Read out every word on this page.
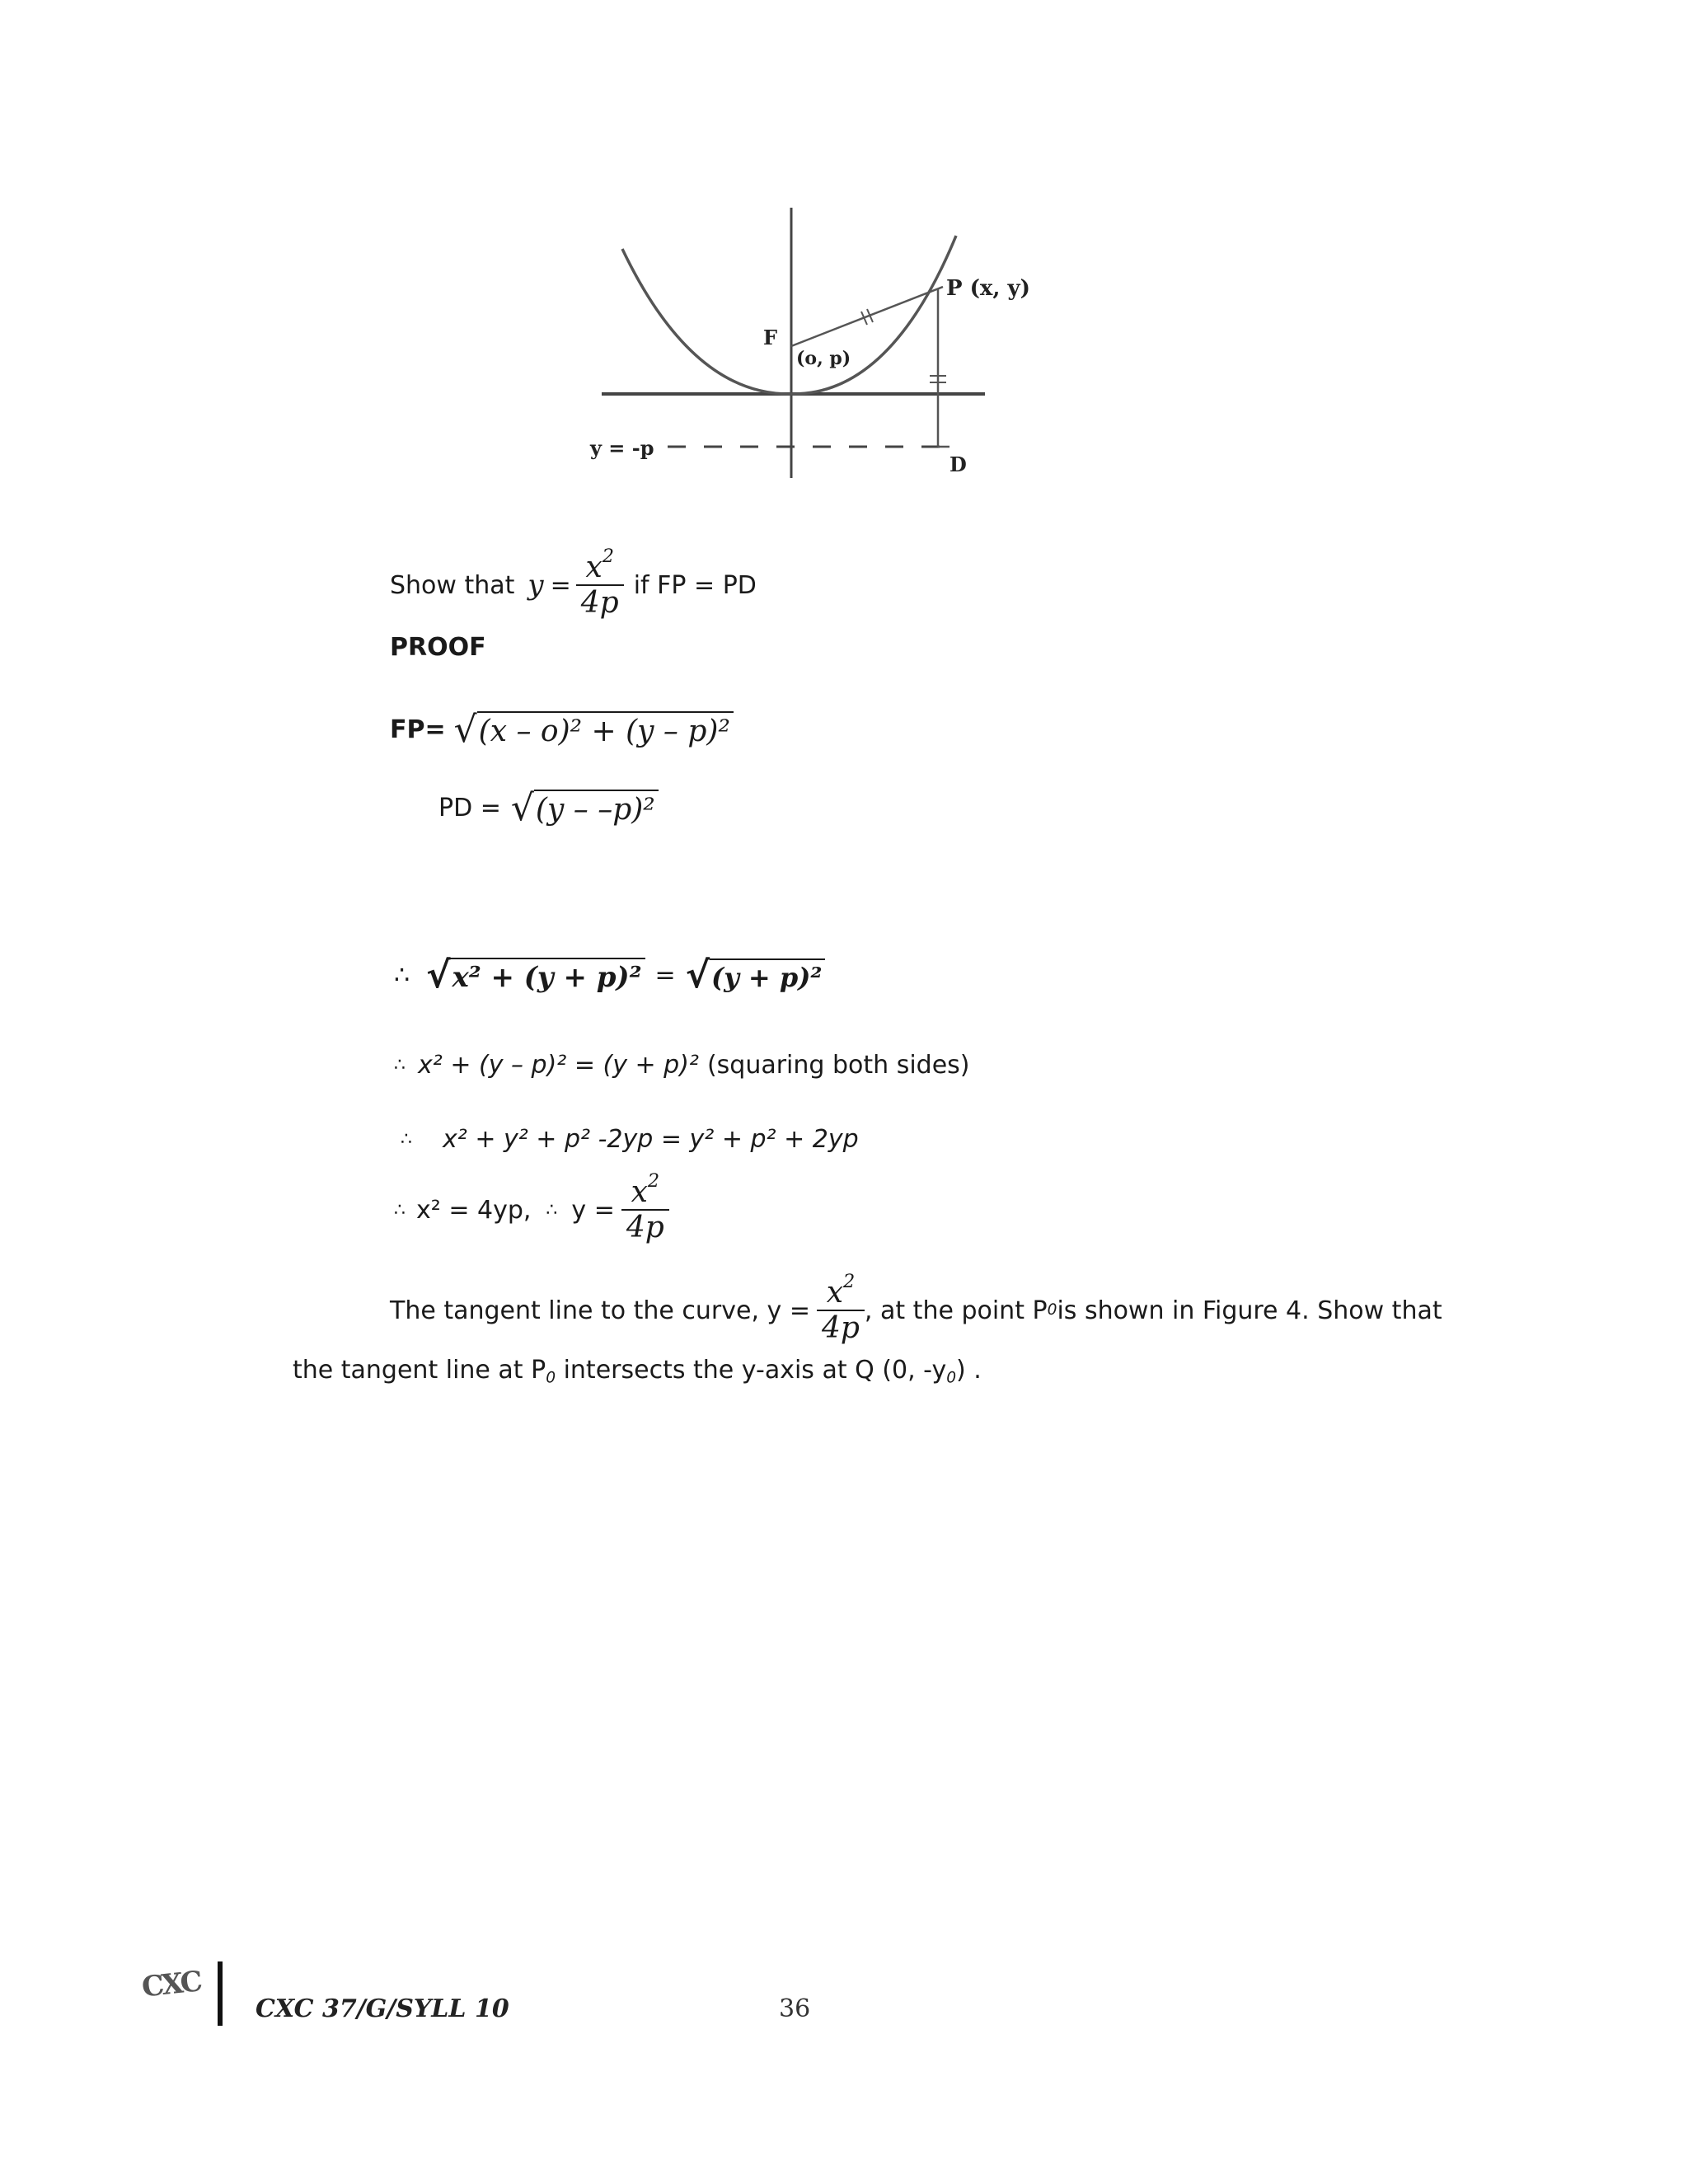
P (x, y)
F
(o, p)
y = -p
D
Show that $y = \frac{x^2}{4p}$ if FP = PD
PROOF
FP= √ (x – o)² + (y – p)²
PD = √ (y – –p)²
∴ √ x² + (y + p)² = √ (y + p)²
∴ x² + (y – p)² = (y + p)² (squaring both sides)
∴ x² + y² + p² -2yp = y² + p² + 2yp
∴ x² = 4yp, ∴ $y = \frac{x^2}{4p}$
The tangent line to the curve, $y = \frac{x^2}{4p}$ , at the point P 0 is shown in Figure 4. Show that
the tangent line at $P_0$ intersects the y-axis at Q (0, $-y_0$) .
CXC
CXC 37/G/SYLL 10	36
